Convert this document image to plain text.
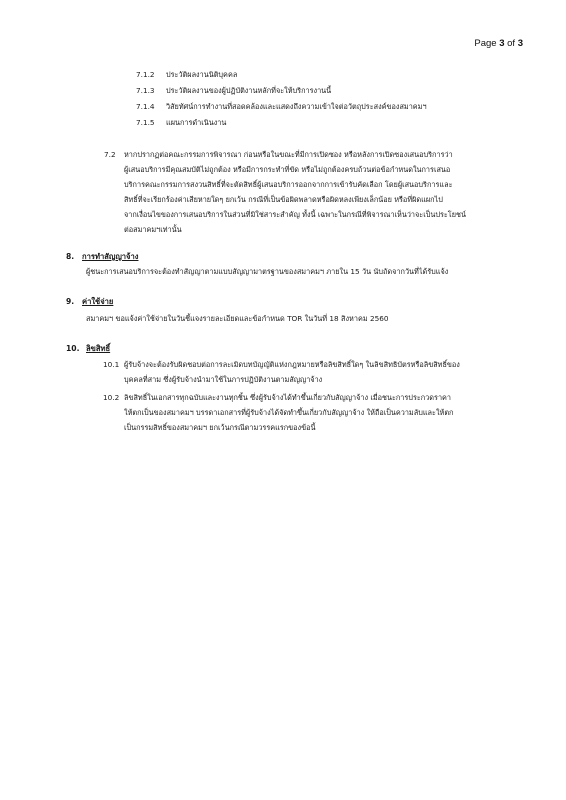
Page 3 of 3
7.1.2 ประวัติผลงานนิติบุคคล
7.1.3 ประวัติผลงานของผู้ปฏิบัติงานหลักที่จะให้บริการงานนี้
7.1.4 วิสัยทัศน์การทำงานที่สอดคล้องและแสดงถึงความเข้าใจต่อวัตถุประสงค์ของสมาคมฯ
7.1.5 แผนการดำเนินงาน
7.2 หากปรากฏต่อคณะกรรมการพิจารณา ก่อนหรือในขณะที่มีการเปิดซอง หรือหลังการเปิดซองเสนอบริการว่า
ผู้เสนอบริการมีคุณสมบัติไม่ถูกต้อง หรือมีการกระทำที่ขัด หรือไม่ถูกต้องครบถ้วนต่อข้อกำหนดในการเสนอ
บริการคณะกรรมการสงวนสิทธิ์ที่จะตัดสิทธิ์ผู้เสนอบริการออกจากการเข้ารับคัดเลือก โดยผู้เสนอบริการและ
สิทธิ์ที่จะเรียกร้องค่าเสียหายใดๆ ยกเว้น กรณีที่เป็นข้อผิดพลาดหรือผิดหลงเพียงเล็กน้อย หรือที่ผิดแผกไป
จากเงื่อนไขของการเสนอบริการในส่วนที่มิใช่สาระสำคัญ ทั้งนี้ เฉพาะในกรณีที่พิจารณาเห็นว่าจะเป็นประโยชน์
ต่อสมาคมฯเท่านั้น
8. การทำสัญญาจ้าง
ผู้ชนะการเสนอบริการจะต้องทำสัญญาตามแบบสัญญามาตรฐานของสมาคมฯ ภายใน 15 วัน นับถัดจากวันที่ได้รับแจ้ง
9. ค่าใช้จ่าย
สมาคมฯ ขอแจ้งค่าใช้จ่ายในวันชี้แจงรายละเอียดและข้อกำหนด TOR ในวันที่ 18 สิงหาคม 2560
10. ลิขสิทธิ์
10.1 ผู้รับจ้างจะต้องรับผิดชอบต่อการละเมิดบทบัญญัติแห่งกฎหมายหรือลิขสิทธิ์ใดๆ ในลิขสิทธิบัตรหรือลิขสิทธิ์ของ
บุคคลที่สาม ซึ่งผู้รับจ้างนำมาใช้ในการปฏิบัติงานตามสัญญาจ้าง
10.2 ลิขสิทธิ์ในเอกสารทุกฉบับและงานทุกชิ้น ซึ่งผู้รับจ้างได้ทำขึ้นเกี่ยวกับสัญญาจ้าง เมื่อชนะการประกวดราคา
ให้ตกเป็นของสมาคมฯ บรรดาเอกสารที่ผู้รับจ้างได้จัดทำขึ้นเกี่ยวกับสัญญาจ้าง ให้ถือเป็นความลับและให้ตก
เป็นกรรมสิทธิ์ของสมาคมฯ ยกเว้นกรณีตามวรรคแรกของข้อนี้
